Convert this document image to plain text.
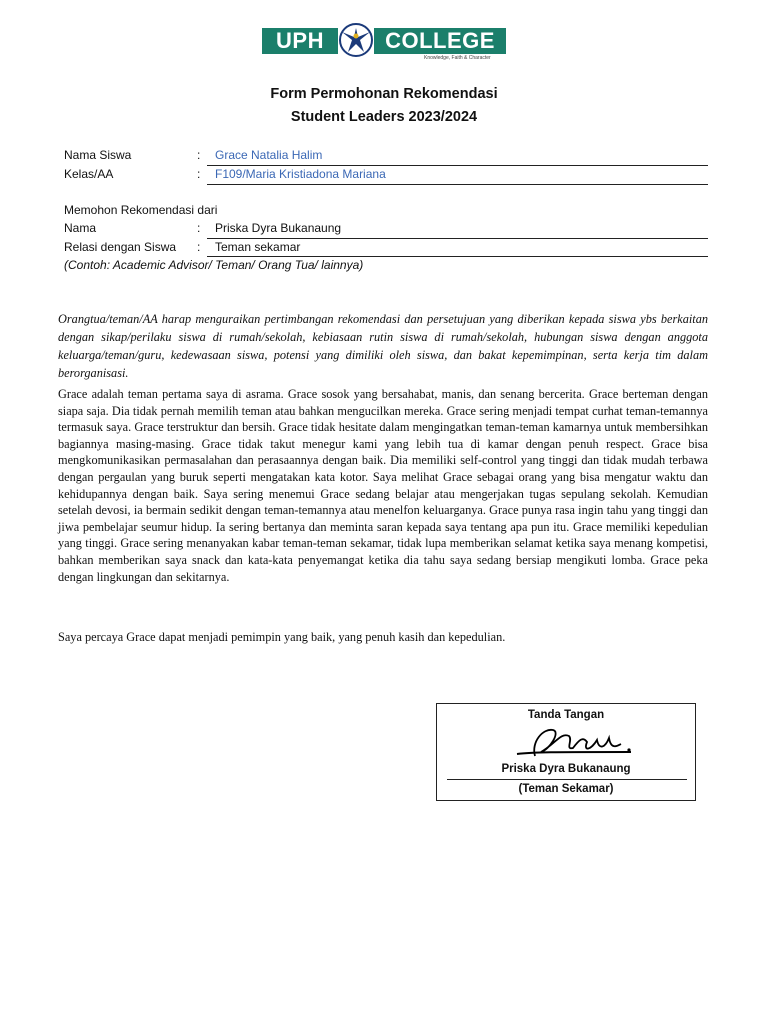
UPH	COLLEGE
Knowledge, Faith & Character
Form Permohonan Rekomendasi
Student Leaders 2023/2024
Nama Siswa	: Grace Natalia Halim
Kelas/AA	: F109/Maria Kristiadona Mariana
Memohon Rekomendasi dari
Nama	: Priska Dyra Bukanaung
Relasi dengan Siswa : Teman sekamar
(Contoh: Academic Advisor/ Teman/ Orang Tua/ lainnya)
Orangtua/teman/AA harap menguraikan pertimbangan rekomendasi dan persetujuan yang diberikan kepada siswa ybs berkaitan dengan sikap/perilaku siswa di rumah/sekolah, kebiasaan rutin siswa di rumah/sekolah, hubungan siswa dengan anggota keluarga/teman/guru, kedewasaan siswa, potensi yang dimiliki oleh siswa, dan bakat kepemimpinan, serta kerja tim dalam berorganisasi.
Grace adalah teman pertama saya di asrama. Grace sosok yang bersahabat, manis, dan senang bercerita. Grace berteman dengan siapa saja. Dia tidak pernah memilih teman atau bahkan mengucilkan mereka. Grace sering menjadi tempat curhat teman-temannya termasuk saya. Grace terstruktur dan bersih. Grace tidak hesitate dalam mengingatkan teman-teman kamarnya untuk membersihkan bagiannya masing-masing. Grace tidak takut menegur kami yang lebih tua di kamar dengan penuh respect. Grace bisa mengkomunikasikan permasalahan dan perasaannya dengan baik. Dia memiliki self-control yang tinggi dan tidak mudah terbawa dengan pergaulan yang buruk seperti mengatakan kata kotor. Saya melihat Grace sebagai orang yang bisa mengatur waktu dan kehidupannya dengan baik. Saya sering menemui Grace sedang belajar atau mengerjakan tugas sepulang sekolah. Kemudian setelah devosi, ia bermain sedikit dengan teman-temannya atau menelfon keluarganya. Grace punya rasa ingin tahu yang tinggi dan jiwa pembelajar seumur hidup. Ia sering bertanya dan meminta saran kepada saya tentang apa pun itu. Grace memiliki kepedulian yang tinggi. Grace sering menanyakan kabar teman-teman sekamar, tidak lupa memberikan selamat ketika saya menang kompetisi, bahkan memberikan saya snack dan kata-kata penyemangat ketika dia tahu saya sedang bersiap mengikuti lomba. Grace peka dengan lingkungan dan sekitarnya.
Saya percaya Grace dapat menjadi pemimpin yang baik, yang penuh kasih dan kepedulian.
Tanda Tangan
Priska Dyra Bukanaung
(Teman Sekamar)
